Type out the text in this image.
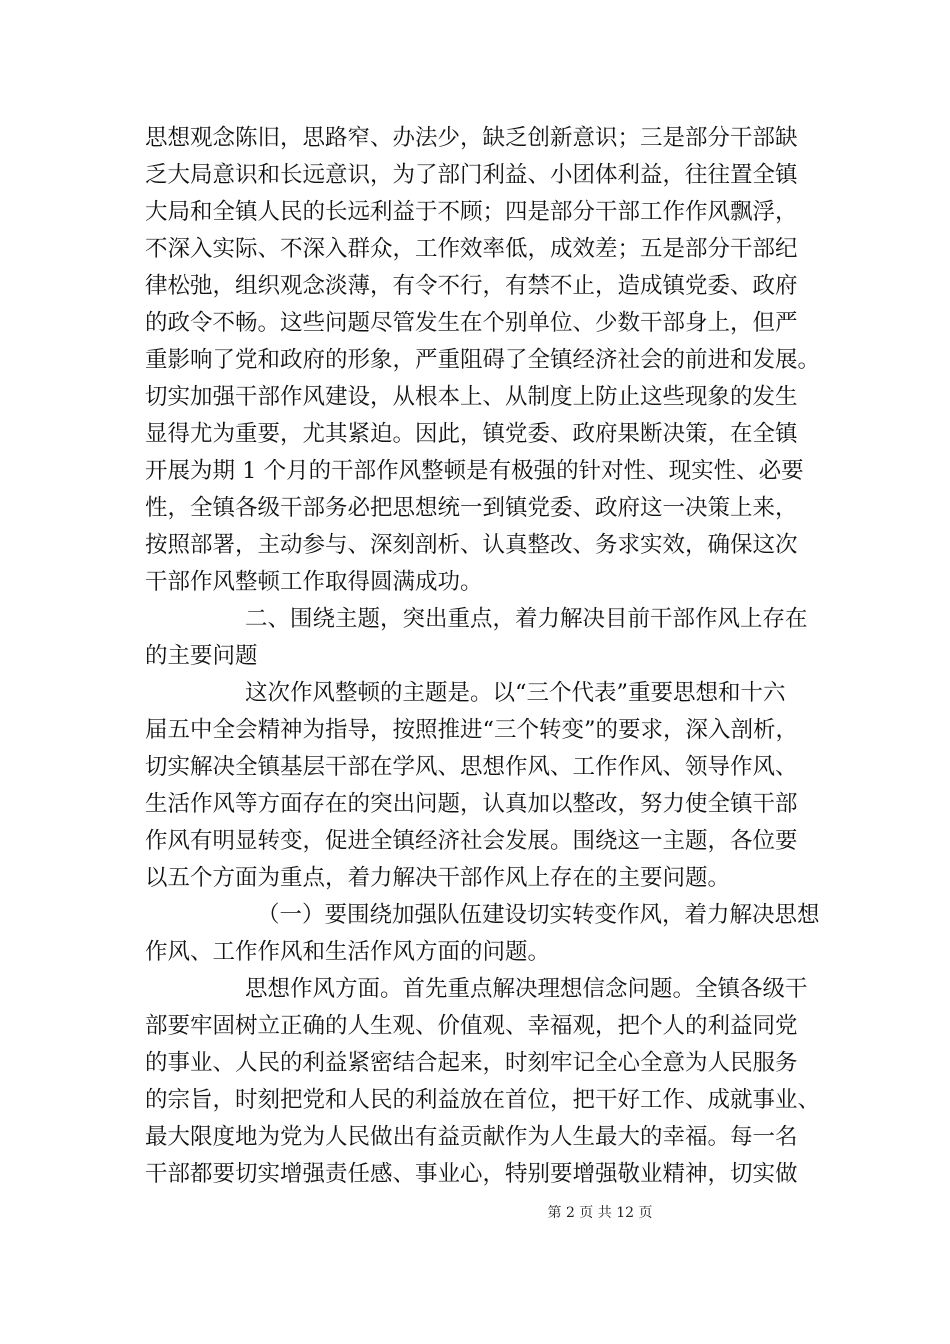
思想观念陈旧，思路窄、办法少，缺乏创新意识；三是部分干部缺
乏大局意识和长远意识，为了部门利益、小团体利益，往往置全镇
大局和全镇人民的长远利益于不顾；四是部分干部工作作风飘浮，
不深入实际、不深入群众，工作效率低，成效差；五是部分干部纪
律松弛，组织观念淡薄，有令不行，有禁不止，造成镇党委、政府
的政令不畅。这些问题尽管发生在个别单位、少数干部身上，但严
重影响了党和政府的形象，严重阻碍了全镇经济社会的前进和发展。
切实加强干部作风建设，从根本上、从制度上防止这些现象的发生
显得尤为重要，尤其紧迫。因此，镇党委、政府果断决策，在全镇
开展为期 1 个月的干部作风整顿是有极强的针对性、现实性、必要
性，全镇各级干部务必把思想统一到镇党委、政府这一决策上来，
按照部署，主动参与、深刻剖析、认真整改、务求实效，确保这次
干部作风整顿工作取得圆满成功。
二、围绕主题，突出重点，着力解决目前干部作风上存在
的主要问题
这次作风整顿的主题是。以“三个代表”重要思想和十六
届五中全会精神为指导，按照推进“三个转变”的要求，深入剖析，
切实解决全镇基层干部在学风、思想作风、工作作风、领导作风、
生活作风等方面存在的突出问题，认真加以整改，努力使全镇干部
作风有明显转变，促进全镇经济社会发展。围绕这一主题，各位要
以五个方面为重点，着力解决干部作风上存在的主要问题。
（一）要围绕加强队伍建设切实转变作风，着力解决思想
作风、工作作风和生活作风方面的问题。
思想作风方面。首先重点解决理想信念问题。全镇各级干
部要牢固树立正确的人生观、价值观、幸福观，把个人的利益同党
的事业、人民的利益紧密结合起来，时刻牢记全心全意为人民服务
的宗旨，时刻把党和人民的利益放在首位，把干好工作、成就事业、
最大限度地为党为人民做出有益贡献作为人生最大的幸福。每一名
干部都要切实增强责任感、事业心，特别要增强敬业精神，切实做
第 2 页 共 12 页
